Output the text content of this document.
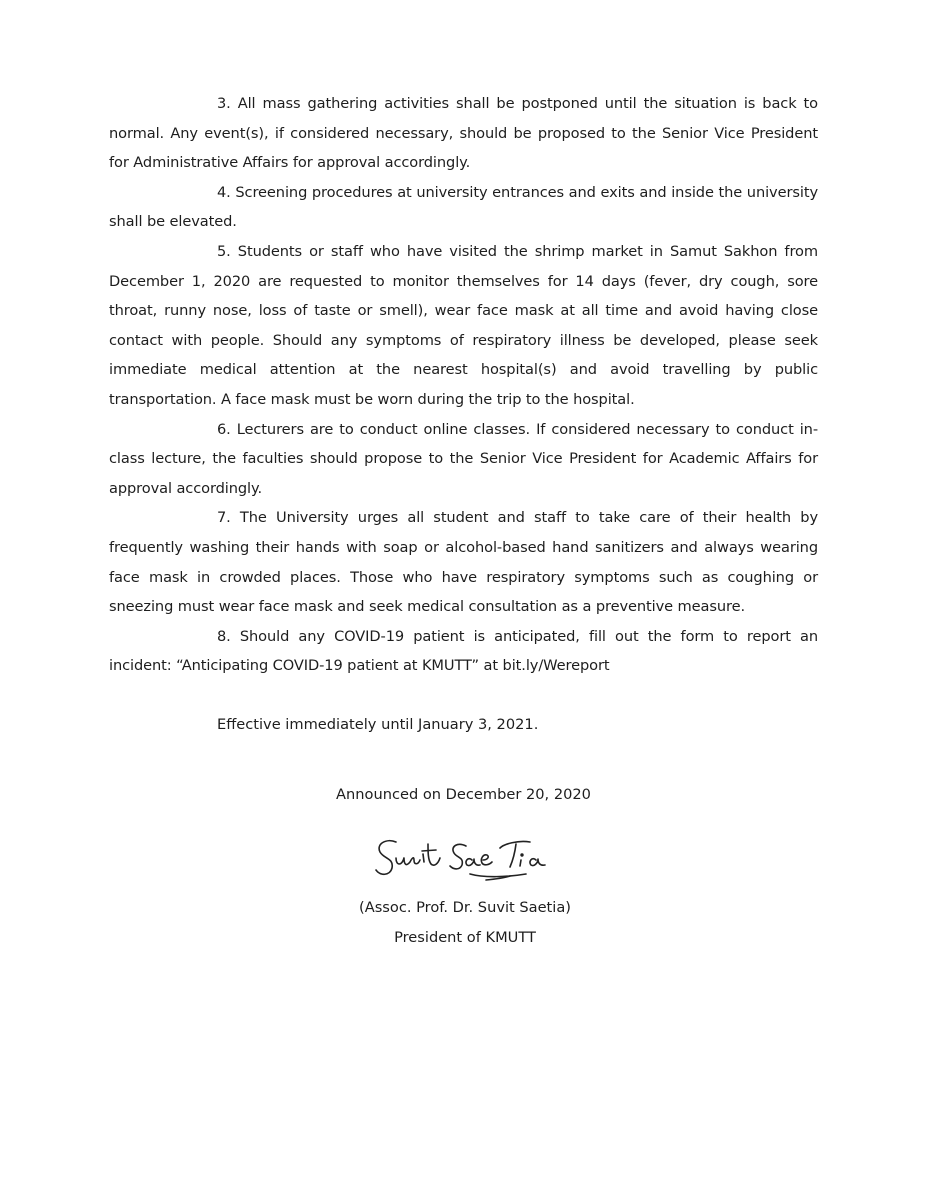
3. All mass gathering activities shall be postponed until the situation is back to normal. Any event(s), if considered necessary, should be proposed to the Senior Vice President for Administrative Affairs for approval accordingly.

4. Screening procedures at university entrances and exits and inside the university shall be elevated.

5. Students or staff who have visited the shrimp market in Samut Sakhon from December 1, 2020 are requested to monitor themselves for 14 days (fever, dry cough, sore throat, runny nose, loss of taste or smell), wear face mask at all time and avoid having close contact with people. Should any symptoms of respiratory illness be developed, please seek immediate medical attention at the nearest hospital(s) and avoid travelling by public transportation. A face mask must be worn during the trip to the hospital.

6. Lecturers are to conduct online classes. If considered necessary to conduct in-class lecture, the faculties should propose to the Senior Vice President for Academic Affairs for approval accordingly.

7. The University urges all student and staff to take care of their health by frequently washing their hands with soap or alcohol-based hand sanitizers and always wearing face mask in crowded places. Those who have respiratory symptoms such as coughing or sneezing must wear face mask and seek medical consultation as a preventive measure.

8. Should any COVID-19 patient is anticipated, fill out the form to report an incident: “Anticipating COVID-19 patient at KMUTT” at bit.ly/Wereport

Effective immediately until January 3, 2021.
Announced on December 20, 2020
(Assoc. Prof. Dr. Suvit Saetia)
President of KMUTT
